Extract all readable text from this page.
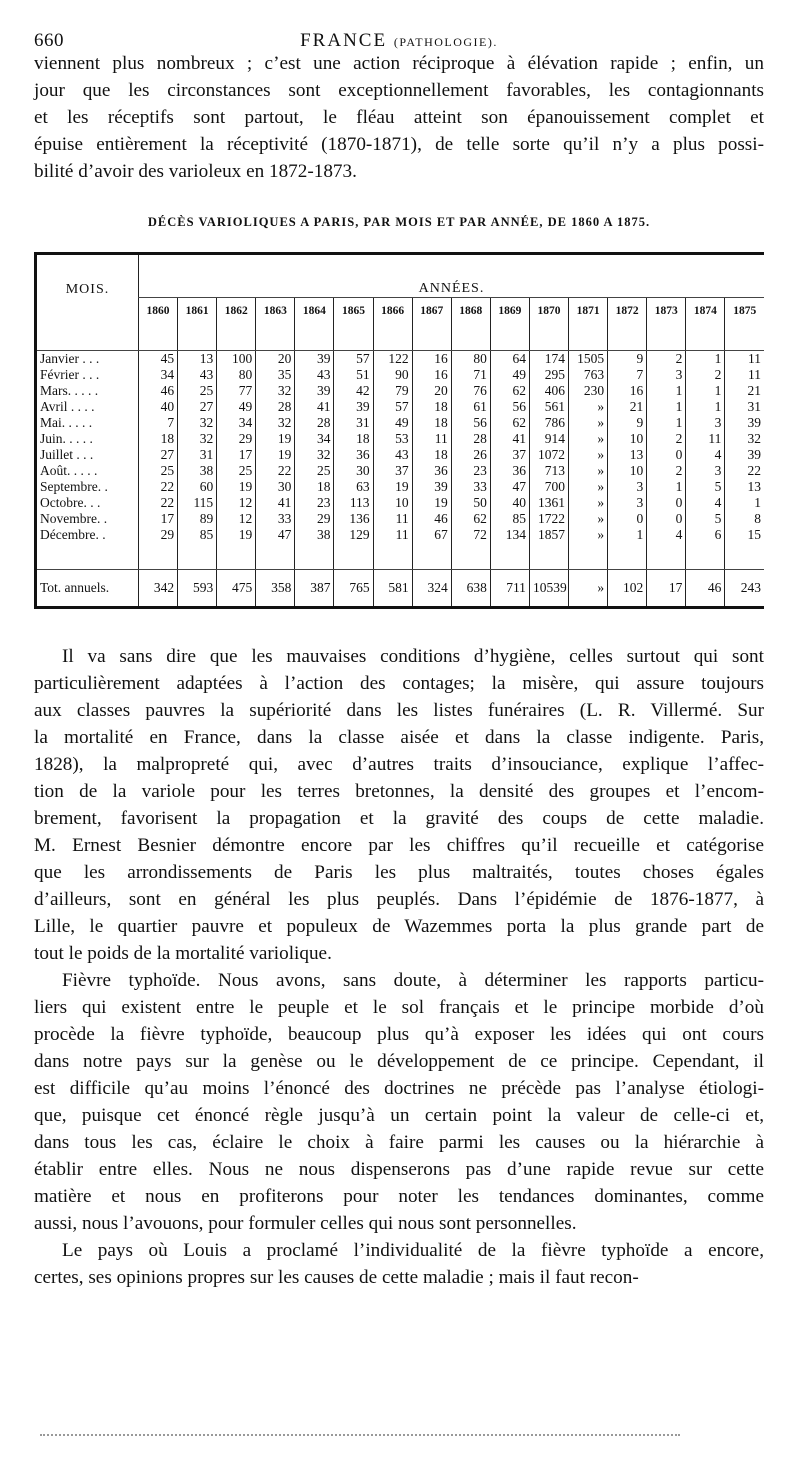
660	FRANCE (PATHOLOGIE).

viennent plus nombreux ; c’est une action réciproque à élévation rapide ; enfin, un
jour que les circonstances sont exceptionnellement favorables, les contagionnants
et les réceptifs sont partout, le fléau atteint son épanouissement complet et
épuise entièrement la réceptivité (1870-1871), de telle sorte qu’il n’y a plus possi-
bilité d’avoir des varioleux en 1872-1873.

DÉCÈS VARIOLIQUES A PARIS, PAR MOIS ET PAR ANNÉE, DE 1860 A 1875.
MOIS.	ANNÉES.															
	1860	1861	1862	1863	1864	1865	1866	1867	1868	1869	1870	1871	1872	1873	1874	1875

Janvier . . .	45	13	100	20	39	57	122	16	80	64	174	1505	9	2	1	11
Février . . .	34	43	80	35	43	51	90	16	71	49	295	763	7	3	2	11
Mars. . . . .	46	25	77	32	39	42	79	20	76	62	406	230	16	1	1	21
Avril . . . .	40	27	49	28	41	39	57	18	61	56	561	»	21	1	1	31
Mai. . . . .	7	32	34	32	28	31	49	18	56	62	786	»	9	1	3	39
Juin. . . . .	18	32	29	19	34	18	53	11	28	41	914	»	10	2	11	32
Juillet . . .	27	31	17	19	32	36	43	18	26	37	1072	»	13	0	4	39
Août. . . . .	25	38	25	22	25	30	37	36	23	36	713	»	10	2	3	22
Septembre. .	22	60	19	30	18	63	19	39	33	47	700	»	3	1	5	13
Octobre. . .	22	115	12	41	23	113	10	19	50	40	1361	»	3	0	4	1
Novembre. .	17	89	12	33	29	136	11	46	62	85	1722	»	0	0	5	8
Décembre. .	29	85	19	47	38	129	11	67	72	134	1857	»	1	4	6	15

Tot. annuels.	342	593	475	358	387	765	581	324	638	711	10539	»	102	17	46	243

Il va sans dire que les mauvaises conditions d’hygiène, celles surtout qui sont
particulièrement adaptées à l’action des contages; la misère, qui assure toujours
aux classes pauvres la supériorité dans les listes funéraires (L. R. Villermé. Sur
la mortalité en France, dans la classe aisée et dans la classe indigente. Paris,
1828), la malpropreté qui, avec d’autres traits d’insouciance, explique l’affec-
tion de la variole pour les terres bretonnes, la densité des groupes et l’encom-
brement, favorisent la propagation et la gravité des coups de cette maladie.
M. Ernest Besnier démontre encore par les chiffres qu’il recueille et catégorise
que les arrondissements de Paris les plus maltraités, toutes choses égales
d’ailleurs, sont en général les plus peuplés. Dans l’épidémie de 1876-1877, à
Lille, le quartier pauvre et populeux de Wazemmes porta la plus grande part de
tout le poids de la mortalité variolique.

Fièvre typhoïde. Nous avons, sans doute, à déterminer les rapports particu-
liers qui existent entre le peuple et le sol français et le principe morbide d’où
procède la fièvre typhoïde, beaucoup plus qu’à exposer les idées qui ont cours
dans notre pays sur la genèse ou le développement de ce principe. Cependant, il
est difficile qu’au moins l’énoncé des doctrines ne précède pas l’analyse étiologi-
que, puisque cet énoncé règle jusqu’à un certain point la valeur de celle-ci et,
dans tous les cas, éclaire le choix à faire parmi les causes ou la hiérarchie à
établir entre elles. Nous ne nous dispenserons pas d’une rapide revue sur cette
matière et nous en profiterons pour noter les tendances dominantes, comme
aussi, nous l’avouons, pour formuler celles qui nous sont personnelles.

Le pays où Louis a proclamé l’individualité de la fièvre typhoïde a encore,
certes, ses opinions propres sur les causes de cette maladie ; mais il faut recon-
